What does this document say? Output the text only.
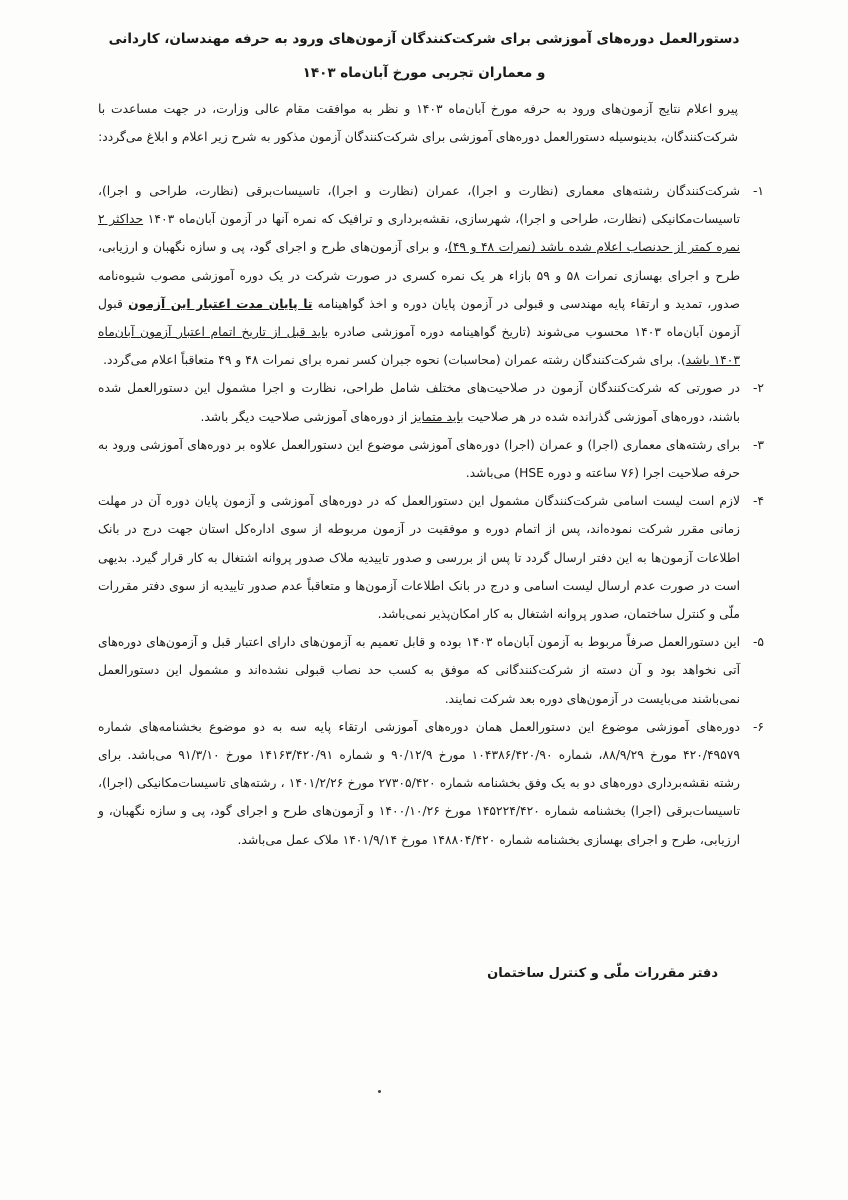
دستورالعمل دوره‌های آموزشی برای شرکت‌کنندگان آزمون‌های ورود به حرفه مهندسان، کاردانی
و معماران تجربی مورخ آبان‌ماه ۱۴۰۳

پیرو اعلام نتایج آزمون‌های ورود به حرفه مورخ آبان‌ماه ۱۴۰۳ و نظر به موافقت مقام عالی وزارت، در جهت مساعدت با شرکت‌کنندگان، بدینوسیله دستورالعمل دوره‌های آموزشی برای شرکت‌کنندگان آزمون مذکور به شرح زیر اعلام و ابلاغ می‌گردد:

۱-
شرکت‌کنندگان رشته‌های معماری (نظارت و اجرا)، عمران (نظارت و اجرا)، تاسیسات‌برقی (نظارت، طراحی و اجرا)، تاسیسات‌مکانیکی (نظارت، طراحی و اجرا)، شهرسازی، نقشه‌برداری و ترافیک که نمره آنها در آزمون آبان‌ماه ۱۴۰۳ حداکثر ۲ نمره کمتر از حدنصاب اعلام شده باشد (نمرات ۴۸ و ۴۹)، و برای آزمون‌های طرح و اجرای گود، پی و سازه نگهبان و ارزیابی، طرح و اجرای بهسازی نمرات ۵۸ و ۵۹ بازاء هر یک نمره کسری در صورت شرکت در یک دوره آموزشی مصوب شیوه‌نامه صدور، تمدید و ارتقاء پایه مهندسی و قبولی در آزمون پایان دوره و اخذ گواهینامه تا پایان مدت اعتبار این آزمون قبول آزمون آبان‌ماه ۱۴۰۳ محسوب می‌شوند (تاریخ گواهینامه دوره آموزشی صادره باید قبل از تاریخ اتمام اعتبار آزمون آبان‌ماه ۱۴۰۳ باشد). برای شرکت‌کنندگان رشته عمران (محاسبات) نحوه جبران کسر نمره برای نمرات ۴۸ و ۴۹ متعاقباً اعلام می‌گردد.
۲-
در صورتی که شرکت‌کنندگان آزمون در صلاحیت‌های مختلف شامل طراحی، نظارت و اجرا مشمول این دستورالعمل شده باشند، دوره‌های آموزشی گذرانده شده در هر صلاحیت باید متمایز از دوره‌های آموزشی صلاحیت دیگر باشد.
۳-
برای رشته‌های معماری (اجرا) و عمران (اجرا) دوره‌های آموزشی موضوع این دستورالعمل علاوه بر دوره‌های آموزشی ورود به حرفه صلاحیت اجرا (۷۶ ساعته و دوره HSE) می‌باشد.
۴-
لازم است لیست اسامی شرکت‌کنندگان مشمول این دستورالعمل که در دوره‌های آموزشی و آزمون پایان دوره آن در مهلت زمانی مقرر شرکت نموده‌اند، پس از اتمام دوره و موفقیت در آزمون مربوطه از سوی اداره‌کل استان جهت درج در بانک اطلاعات آزمون‌ها به این دفتر ارسال گردد تا پس از بررسی و صدور تاییدیه ملاک صدور پروانه اشتغال به کار قرار گیرد. بدیهی است در صورت عدم ارسال لیست اسامی و درج در بانک اطلاعات آزمون‌ها و متعاقباً عدم صدور تاییدیه از سوی دفتر مقررات ملّی و کنترل ساختمان، صدور پروانه اشتغال به کار امکان‌پذیر نمی‌باشد.
۵-
این دستورالعمل صرفاً مربوط به آزمون آبان‌ماه ۱۴۰۳ بوده و قابل تعمیم به آزمون‌های دارای اعتبار قبل و آزمون‌های دوره‌های آتی نخواهد بود و آن دسته از شرکت‌کنندگانی که موفق به کسب حد نصاب قبولی نشده‌اند و مشمول این دستورالعمل نمی‌باشند می‌بایست در آزمون‌های دوره بعد شرکت نمایند.
۶-
دوره‌های آموزشی موضوع این دستورالعمل همان دوره‌های آموزشی ارتقاء پایه سه به دو موضوع بخشنامه‌های شماره ۴۲۰/۴۹۵۷۹ مورخ ۸۸/۹/۲۹، شماره ۱۰۴۳۸۶/۴۲۰/۹۰ مورخ ۹۰/۱۲/۹ و شماره ۱۴۱۶۳/۴۲۰/۹۱ مورخ ۹۱/۳/۱۰ می‌باشد. برای رشته نقشه‌برداری دوره‌های دو به یک وفق بخشنامه شماره ۲۷۳۰۵/۴۲۰ مورخ ۱۴۰۱/۲/۲۶ ، رشته‌های تاسیسات‌مکانیکی (اجرا)، تاسیسات‌برقی (اجرا) بخشنامه شماره ۱۴۵۲۲۴/۴۲۰ مورخ ۱۴۰۰/۱۰/۲۶ و آزمون‌های طرح و اجرای گود، پی و سازه نگهبان، و ارزیابی، طرح و اجرای بهسازی بخشنامه شماره ۱۴۸۸۰۴/۴۲۰ مورخ ۱۴۰۱/۹/۱۴ ملاک عمل می‌باشد.

دفتر مقررات ملّی و کنترل ساختمان
